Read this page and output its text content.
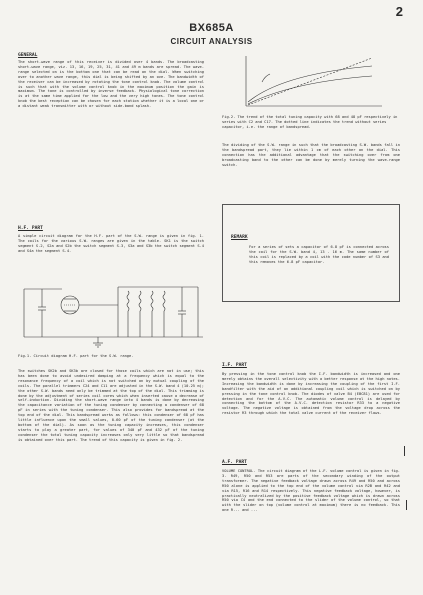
2
BX685A
CIRCUIT ANALYSIS
GENERAL
The short-wave range of this receiver is divided over 4 bands. The broadcasting short-wave range, viz. 13, 16, 19, 25, 31, 41 and 49 m bands are spread. The wave-range selected on is the bottom one that can be read on the dial. When switching over to another wave range, this dial is being shifted by an ove. The bandwidth of the receiver can be increased by rotating the tone control knob. The volume control is such that with the volume control knob in the maximum position the gain is maximum. The tone is controlled by inverse feedback. Physiological tone correction is at the same time applied for the low and the very high tones. The tone control knob the best reception can be chosen for each station whether it is a local one or a distant weak transmitter with or without side-band splash.
H.F. PART
A simple circuit diagram for the H.F. part of the S.W. range is given in fig. 1. The coils for the various S.W. ranges are given in the table. SK1 is the switch segment S.2, S2a and S2b the switch segment S.3, S3a and S3b the switch segment S.4 and S4a the segment S.4.
Fig.1. Circuit diagram H.F. part for the S.W. range.
The switches SK2b and SK3b are closed for those coils which are not in use; this has been done to avoid undesired damping at a frequency which is equal to the resonance frequency of a coil which is not switched on by mutual coupling of the coils. The parallel trimmers C24 and C11 are adjusted in the S.W. band 4 (10-25 m); the other S.W. bands need only be trimmed at the top of the dial. This trimming is done by the adjustment of series coil cores which when inserted cause a decrease of self-induction. Dividing the short-wave range into 4 bands is done by decreasing the capacitance variation of the tuning condenser by connecting a condenser of 68 pF in series with the tuning condenser. This also provides for bandspread at the top end of the dial. This bandspread works as follows: this condenser of 68 pF has little influence upon the small values, 0-60 pF of the tuning condenser (at the bottom of the dial). As soon as the tuning capacity increases, this condenser starts to play a greater part, for values of 340 pF and 432 pF of the tuning condenser the total tuning capacity increases only very little so that bandspread is obtained over this part. The trend of this capacity is given in fig. 2.
Fig.2. The trend of the total tuning capacity with 68 and 48 pF respectively in series with C2 and C17. The dotted line indicates the trend without series capacitor, i.e. the range of bandspread.
The dividing of the S.W. range in such that the broadcasting S.W. bands fall in the bandspread part, they lie within 1 cm of each other on the dial. This connection has the additional advantage that the switching over from one broadcasting band to the other can be done by merely turning the wave-range switch.
REMARK
For a series of sets a capacitor of 6.8 pF is connected across the coil for the S.W. band 4, 13 - 16 m. The same number of this coil is replaced by a coil with the code number of S3 and this removes the 6.8 pF capacitor.
I.F. PART
By pressing in the tone control knob the I.F. bandwidth is increased and one merely obtains the overall selectivity with a better response at the high notes. Increasing the bandwidth is done by increasing the coupling of the first I.F. bandfilter with the aid of an additional coupling coil which is switched on by pressing in the tone control knob. The diodes of valve B4 (EBC81) are used for detection and for the A.V.C. The automatic volume control is delayed by connecting the bottom of the A.V.C. detection resistor R33 to a negative voltage. The negative voltage is obtained from the voltage drop across the resistor R3 through which the total valve current of the receiver flows.
A.F. PART
VOLUME CONTROL. The circuit diagram of the L.F. volume control is given in fig. 3. R49, R50 and R53 are parts of the secondary winding of the output transformer. The negative feedback voltage drawn across R49 and R50 and across R50 alone is applied to the top end of the volume control via R2B and R42 and via R15, R16 and R14 respectively. This negative feedback voltage, however, is practically neutralized by the positive feedback voltage which is drawn across R50 via C4 and the end connected to the slider of the volume control, so that with the slider on top (volume control at maximum) there is no feedback. This one R... and ...
